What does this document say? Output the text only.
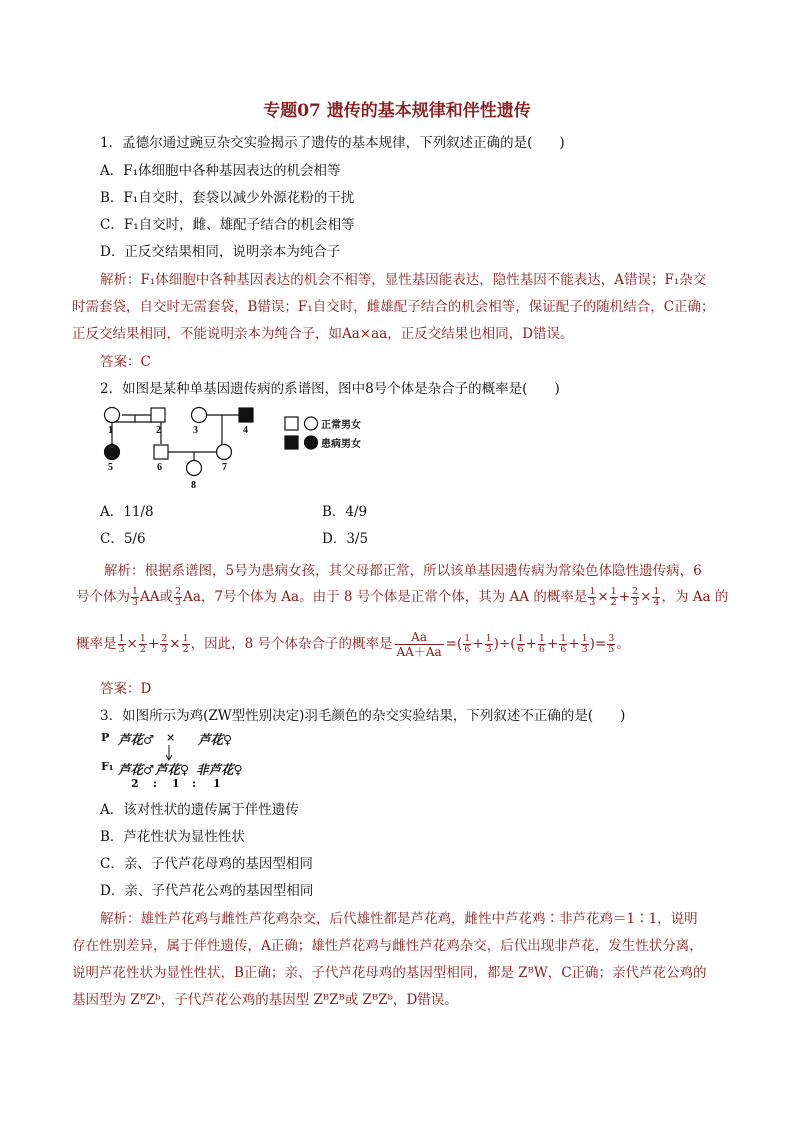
专题07 遗传的基本规律和伴性遗传
1．孟德尔通过豌豆杂交实验揭示了遗传的基本规律，下列叙述正确的是(　　)
A．F₁体细胞中各种基因表达的机会相等
B．F₁自交时，套袋以减少外源花粉的干扰
C．F₁自交时，雌、雄配子结合的机会相等
D．正反交结果相同，说明亲本为纯合子
解析：F₁体细胞中各种基因表达的机会不相等，显性基因能表达，隐性基因不能表达，A错误；F₁杂交
时需套袋，自交时无需套袋，B错误；F₁自交时，雌雄配子结合的机会相等，保证配子的随机结合，C正确；
正反交结果相同，不能说明亲本为纯合子，如Aa×aa，正反交结果也相同，D错误。
答案：C
2．如图是某种单基因遗传病的系谱图，图中8号个体是杂合子的概率是(　　)
1	2	3	4
5	6	7
8
正常男女
患病男女
A．11/8	B．4/9
C．5/6	D．3/5
解析：根据系谱图，5号为患病女孩，其父母都正常，所以该单基因遗传病为常染色体隐性遗传病，6
号个体为 $\frac{1}{3}$ AA或 $\frac{2}{3}$ Aa，7号个体为 Aa。由于 8 号个体是正常个体，其为 AA 的概率是 $\frac{1}{3} \times \frac{1}{2} + \frac{2}{3} \times \frac{1}{4}$ ，为 Aa 的
概率是 $\frac{1}{3} \times \frac{1}{2} + \frac{2}{3} \times \frac{1}{2}$ ，因此，8 号个体杂合子的概率是 $\frac{Aa}{AA+Aa}$ =( $\frac{1}{6} + \frac{1}{3}$ )÷( $\frac{1}{6} + \frac{1}{6} + \frac{1}{6} + \frac{1}{3}$ )= $\frac{3}{5}$ 。
答案：D
3．如图所示为鸡(ZW型性别决定)羽毛颜色的杂交实验结果，下列叙述不正确的是(　　)
P 芦花♂ × 芦花♀
F₁ 芦花♂ 芦花♀ 非芦花♀
2 : 1 : 1
A．该对性状的遗传属于伴性遗传
B．芦花性状为显性性状
C．亲、子代芦花母鸡的基因型相同
D．亲、子代芦花公鸡的基因型相同
解析：雄性芦花鸡与雌性芦花鸡杂交，后代雄性都是芦花鸡，雌性中芦花鸡∶非芦花鸡＝1∶1，说明
存在性别差异，属于伴性遗传，A正确；雄性芦花鸡与雌性芦花鸡杂交，后代出现非芦花，发生性状分离，
说明芦花性状为显性性状，B正确；亲、子代芦花母鸡的基因型相同，都是 ZᴮW，C正确；亲代芦花公鸡的
基因型为 ZᴮZᵇ，子代芦花公鸡的基因型 ZᴮZᴮ或 ZᴮZᵇ，D错误。
